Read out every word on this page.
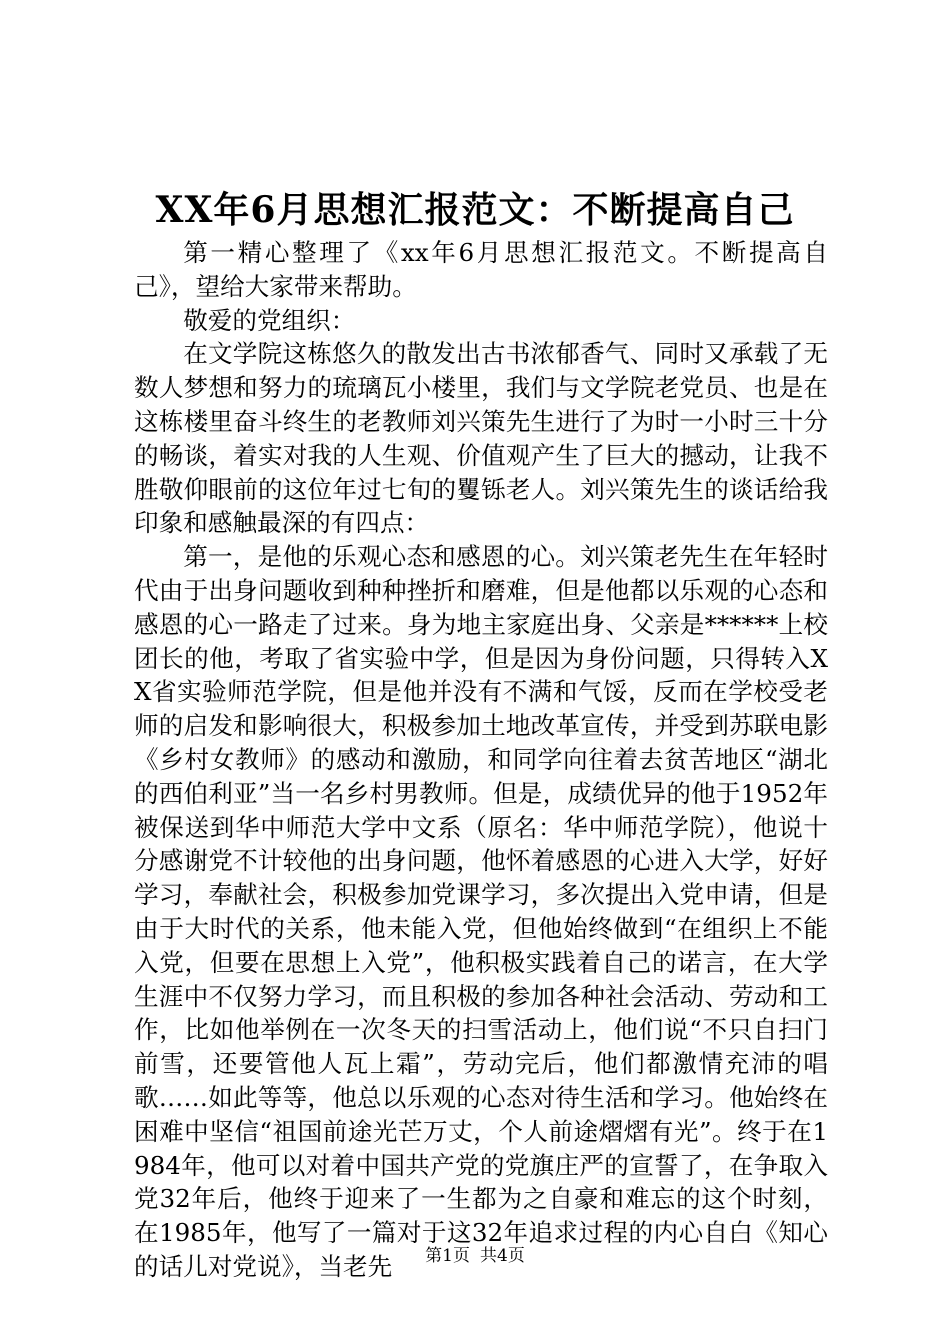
XX年6月思想汇报范文：不断提高自己

第一精心整理了《xx年6月思想汇报范文。不断提高自己》，望给大家带来帮助。

敬爱的党组织：

在文学院这栋悠久的散发出古书浓郁香气、同时又承载了无数人梦想和努力的琉璃瓦小楼里，我们与文学院老党员、也是在这栋楼里奋斗终生的老教师刘兴策先生进行了为时一小时三十分的畅谈，着实对我的人生观、价值观产生了巨大的撼动，让我不胜敬仰眼前的这位年过七旬的矍铄老人。刘兴策先生的谈话给我印象和感触最深的有四点：

第一，是他的乐观心态和感恩的心。刘兴策老先生在年轻时代由于出身问题收到种种挫折和磨难，但是他都以乐观的心态和感恩的心一路走了过来。身为地主家庭出身、父亲是******上校团长的他，考取了省实验中学，但是因为身份问题，只得转入XX省实验师范学院，但是他并没有不满和气馁，反而在学校受老师的启发和影响很大，积极参加土地改革宣传，并受到苏联电影《乡村女教师》的感动和激励，和同学向往着去贫苦地区“湖北的西伯利亚”当一名乡村男教师。但是，成绩优异的他于1952年被保送到华中师范大学中文系（原名：华中师范学院），他说十分感谢党不计较他的出身问题，他怀着感恩的心进入大学，好好学习，奉献社会，积极参加党课学习，多次提出入党申请，但是由于大时代的关系，他未能入党，但他始终做到“在组织上不能入党，但要在思想上入党”，他积极实践着自己的诺言，在大学生涯中不仅努力学习，而且积极的参加各种社会活动、劳动和工作，比如他举例在一次冬天的扫雪活动上，他们说“不只自扫门前雪，还要管他人瓦上霜”，劳动完后，他们都激情充沛的唱歌……如此等等，他总以乐观的心态对待生活和学习。他始终在困难中坚信“祖国前途光芒万丈，个人前途熠熠有光”。终于在1984年，他可以对着中国共产党的党旗庄严的宣誓了，在争取入党32年后，他终于迎来了一生都为之自豪和难忘的这个时刻，在1985年，他写了一篇对于这32年追求过程的内心自白《知心的话儿对党说》，当老先	第1页 共4页
